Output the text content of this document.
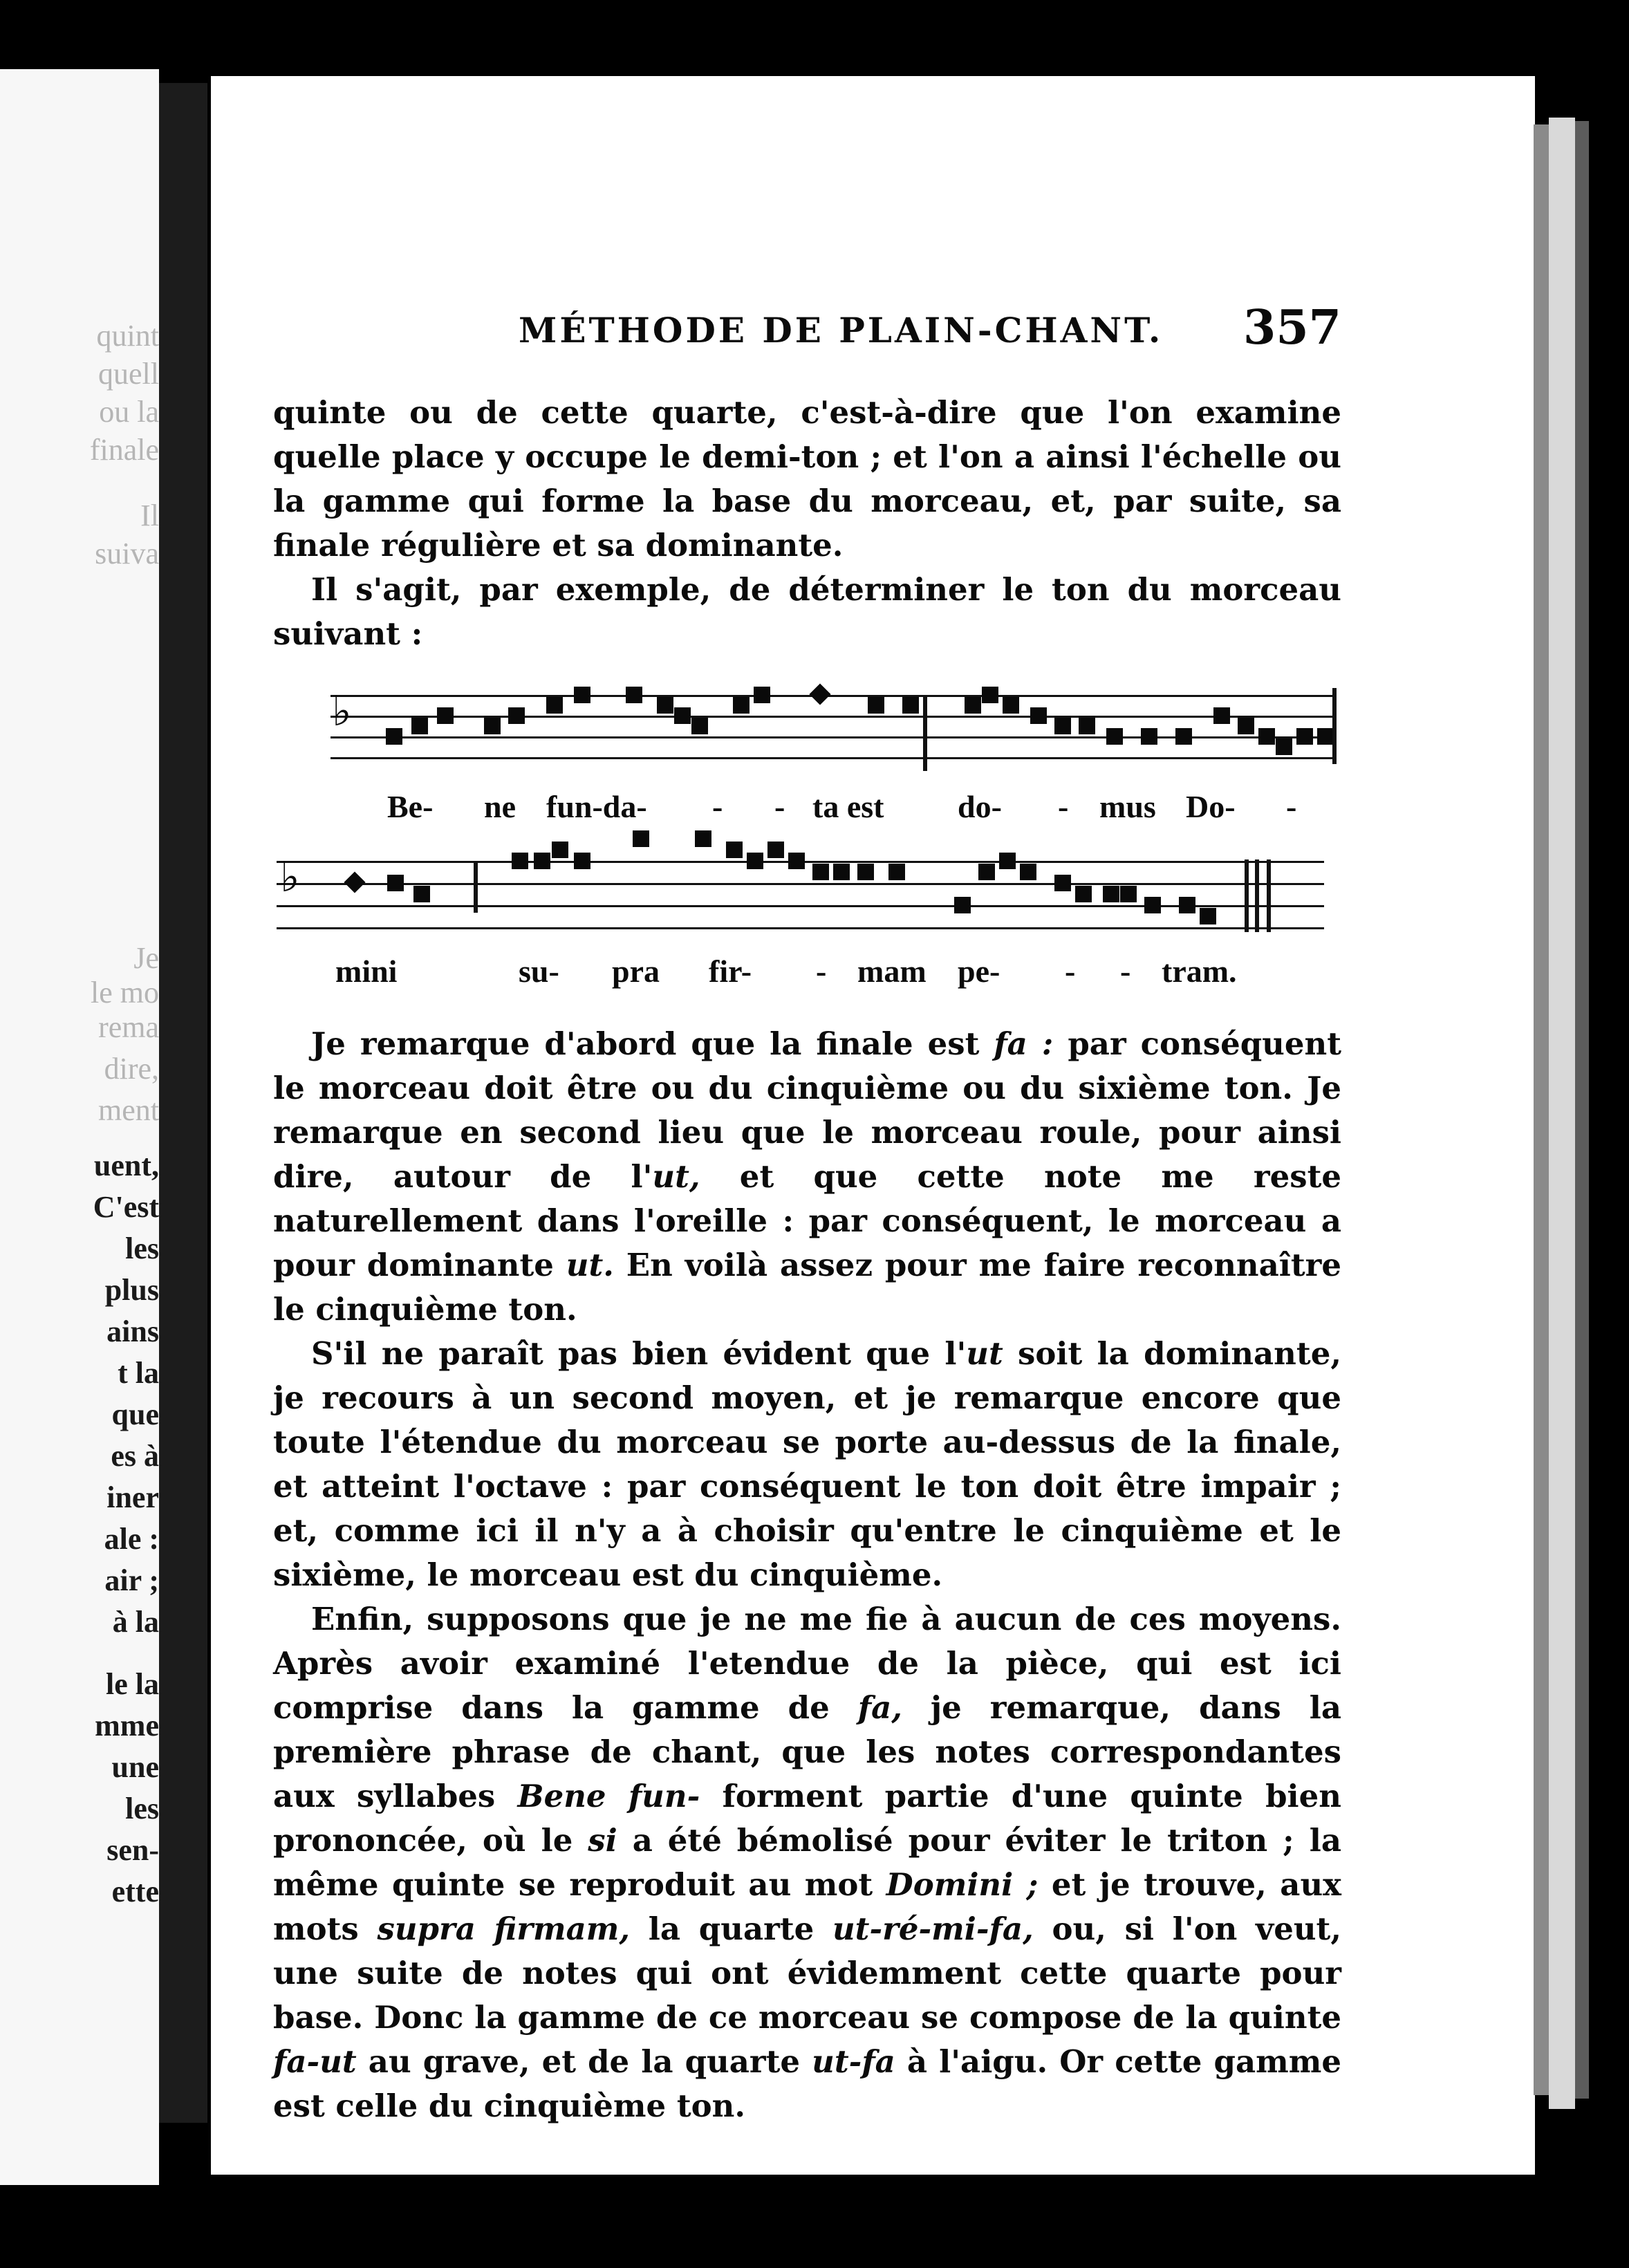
quint
quell
ou la
finale
Il
suiva
Je
le mo
rema
dire,
ment
uent,
C'est
les
plus
ains
t la
que
es à
iner
ale :
air ;
à la
le la
mme
une
les
sen-
ette
MÉTHODE DE PLAIN-CHANT. 357

quinte ou de cette quarte, c'est-à-dire que l'on examine quelle place y occupe le demi-ton ; et l'on a ainsi l'échelle ou la gamme qui forme la base du morceau, et, par suite, sa finale régulière et sa dominante.

Il s'agit, par exemple, de déterminer le ton du morceau suivant :

♭
♭
Be- ne fun-da- - - ta est do- - mus Do- -
mini	su- pra fir- - mam pe- - - tram.

Je remarque d'abord que la finale est fa : par conséquent le morceau doit être ou du cinquième ou du sixième ton. Je remarque en second lieu que le morceau roule, pour ainsi dire, autour de l'ut, et que cette note me reste naturellement dans l'oreille : par conséquent, le morceau a pour dominante ut. En voilà assez pour me faire reconnaître le cinquième ton.

S'il ne paraît pas bien évident que l'ut soit la dominante, je recours à un second moyen, et je remarque encore que toute l'étendue du morceau se porte au-dessus de la finale, et atteint l'octave : par conséquent le ton doit être impair ; et, comme ici il n'y a à choisir qu'entre le cinquième et le sixième, le morceau est du cinquième.

Enfin, supposons que je ne me fie à aucun de ces moyens. Après avoir examiné l'etendue de la pièce, qui est ici comprise dans la gamme de fa, je remarque, dans la première phrase de chant, que les notes correspondantes aux syllabes Bene fun- forment partie d'une quinte bien prononcée, où le si a été bémolisé pour éviter le triton ; la même quinte se reproduit au mot Domini ; et je trouve, aux mots supra firmam, la quarte ut-ré-mi-fa, ou, si l'on veut, une suite de notes qui ont évidemment cette quarte pour base. Donc la gamme de ce morceau se compose de la quinte fa-ut au grave, et de la quarte ut-fa à l'aigu. Or cette gamme est celle du cinquième ton.
